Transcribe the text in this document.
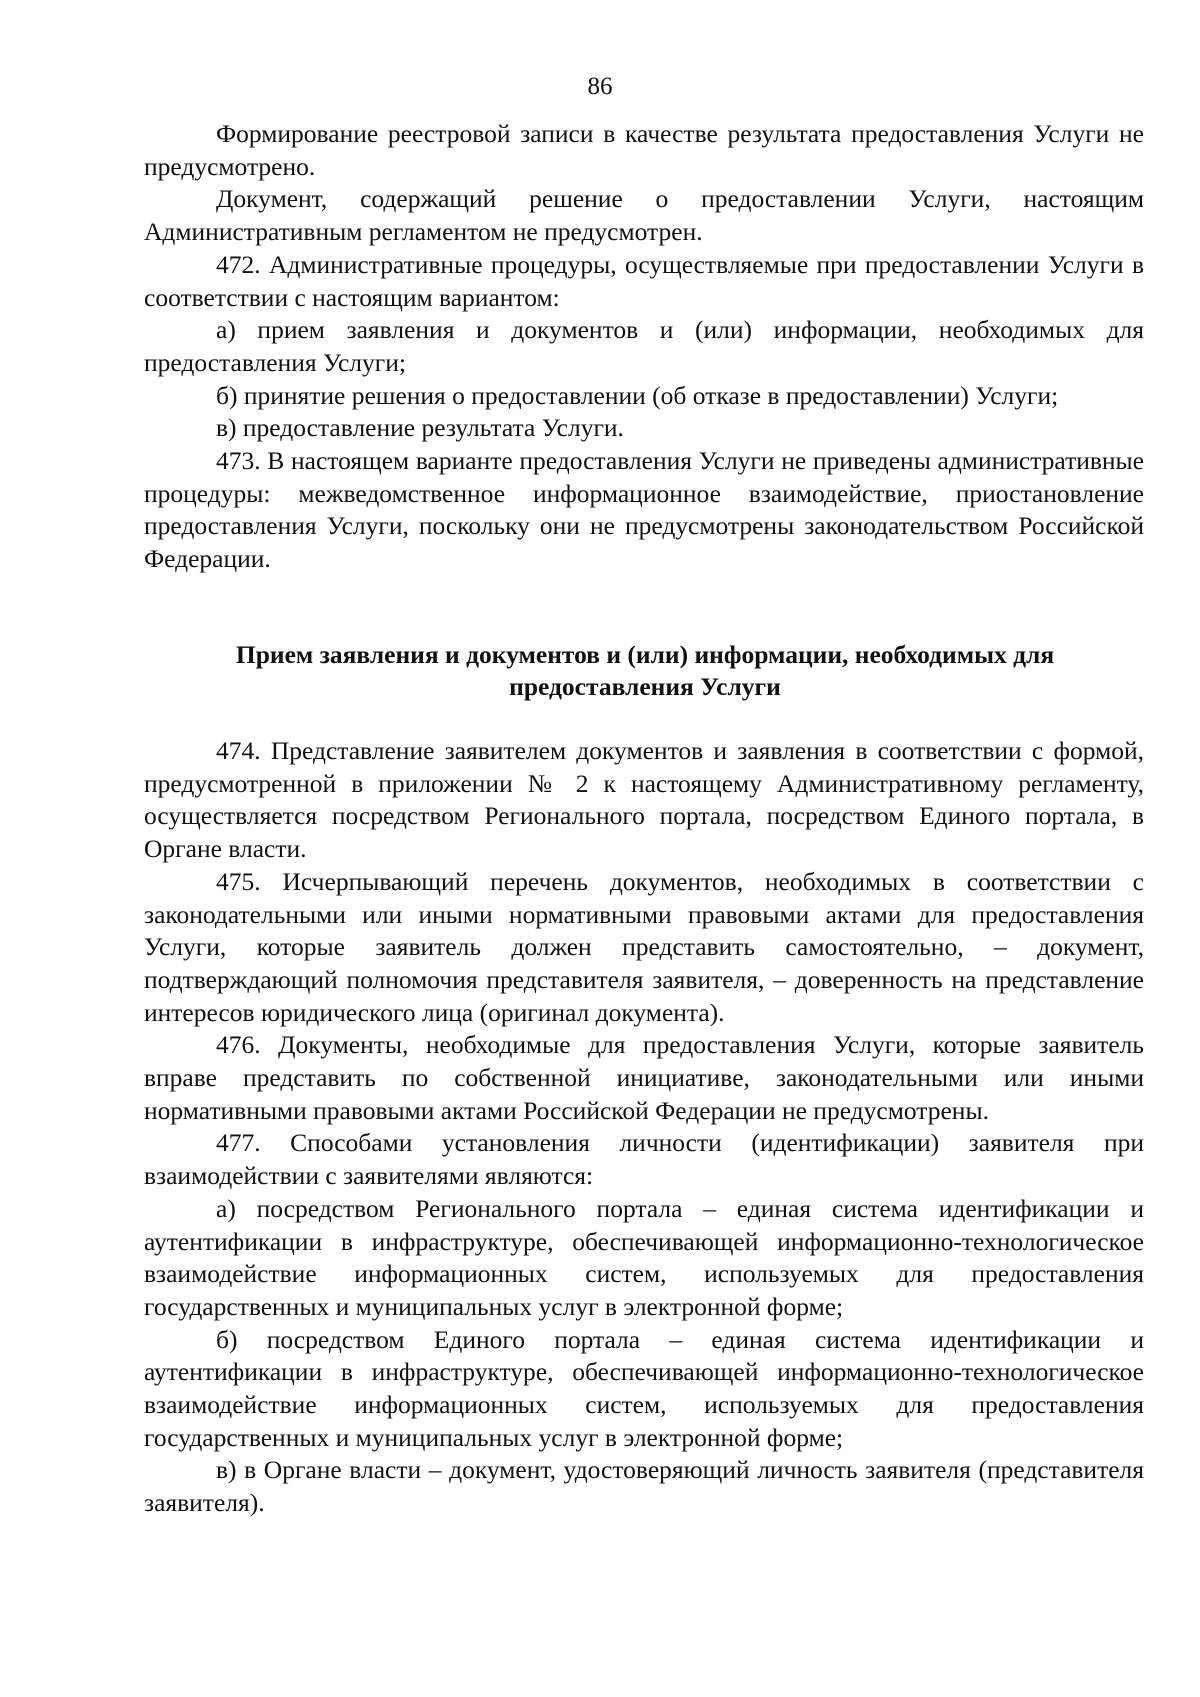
86

Формирование реестровой записи в качестве результата предоставления Услуги не предусмотрено.

Документ, содержащий решение о предоставлении Услуги, настоящим Административным регламентом не предусмотрен.

472. Административные процедуры, осуществляемые при предоставлении Услуги в соответствии с настоящим вариантом:

а) прием заявления и документов и (или) информации, необходимых для предоставления Услуги;

б) принятие решения о предоставлении (об отказе в предоставлении) Услуги;

в) предоставление результата Услуги.

473. В настоящем варианте предоставления Услуги не приведены административные процедуры: межведомственное информационное взаимодействие, приостановление предоставления Услуги, поскольку они не предусмотрены законодательством Российской Федерации.

Прием заявления и документов и (или) информации, необходимых для предоставления Услуги

474. Представление заявителем документов и заявления в соответствии с формой, предусмотренной в приложении № 2 к настоящему Административному регламенту, осуществляется посредством Регионального портала, посредством Единого портала, в Органе власти.

475. Исчерпывающий перечень документов, необходимых в соответствии с законодательными или иными нормативными правовыми актами для предоставления Услуги, которые заявитель должен представить самостоятельно, – документ, подтверждающий полномочия представителя заявителя, – доверенность на представление интересов юридического лица (оригинал документа).

476. Документы, необходимые для предоставления Услуги, которые заявитель вправе представить по собственной инициативе, законодательными или иными нормативными правовыми актами Российской Федерации не предусмотрены.

477. Способами установления личности (идентификации) заявителя при взаимодействии с заявителями являются:

а) посредством Регионального портала – единая система идентификации и аутентификации в инфраструктуре, обеспечивающей информационно-технологическое взаимодействие информационных систем, используемых для предоставления государственных и муниципальных услуг в электронной форме;

б) посредством Единого портала – единая система идентификации и аутентификации в инфраструктуре, обеспечивающей информационно-технологическое взаимодействие информационных систем, используемых для предоставления государственных и муниципальных услуг в электронной форме;

в) в Органе власти – документ, удостоверяющий личность заявителя (представителя заявителя).
